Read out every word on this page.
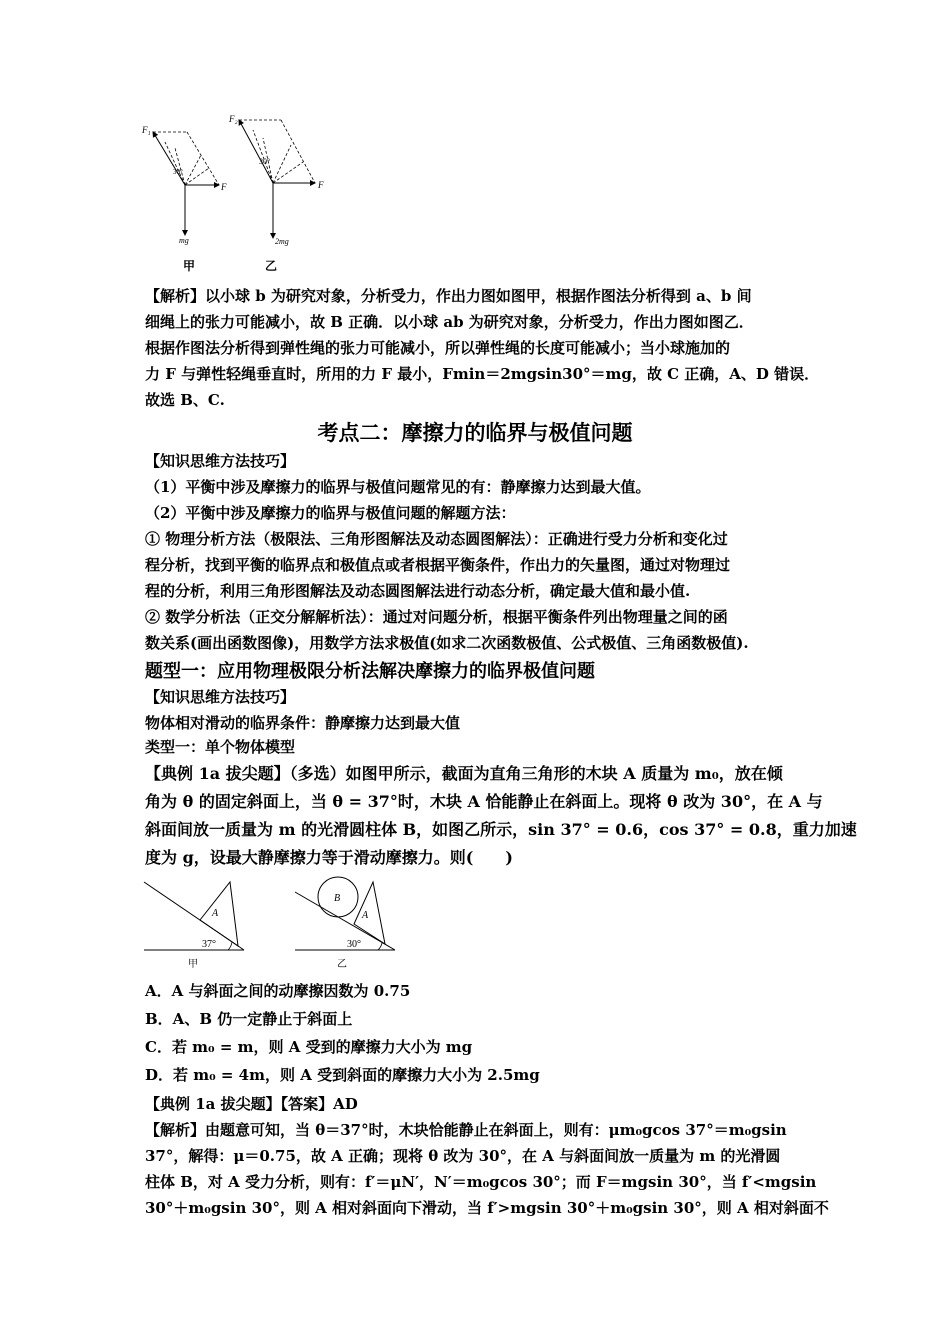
F₁
30°
F
mg
F₂
30°
F
2mg
甲	乙
【解析】以小球 b 为研究对象，分析受力，作出力图如图甲，根据作图法分析得到 a、b 间
细绳上的张力可能减小，故 B 正确．以小球 ab 为研究对象，分析受力，作出力图如图乙．
根据作图法分析得到弹性绳的张力可能减小，所以弹性绳的长度可能减小；当小球施加的
力 F 与弹性轻绳垂直时，所用的力 F 最小，Fmin＝2mgsin30°＝mg，故 C 正确，A、D 错误．
故选 B、C.
考点二：摩擦力的临界与极值问题
【知识思维方法技巧】
（1）平衡中涉及摩擦力的临界与极值问题常见的有：静摩擦力达到最大值。
（2）平衡中涉及摩擦力的临界与极值问题的解题方法：
① 物理分析方法（极限法、三角形图解法及动态圆图解法）：正确进行受力分析和变化过
程分析，找到平衡的临界点和极值点或者根据平衡条件，作出力的矢量图，通过对物理过
程的分析，利用三角形图解法及动态圆图解法进行动态分析，确定最大值和最小值.
② 数学分析法（正交分解解析法）：通过对问题分析，根据平衡条件列出物理量之间的函
数关系(画出函数图像)，用数学方法求极值(如求二次函数极值、公式极值、三角函数极值).
题型一：应用物理极限分析法解决摩擦力的临界极值问题
【知识思维方法技巧】
物体相对滑动的临界条件：静摩擦力达到最大值
类型一：单个物体模型
【典例 1a 拔尖题】（多选）如图甲所示，截面为直角三角形的木块 A 质量为 m₀，放在倾
角为 θ 的固定斜面上，当 θ = 37°时，木块 A 恰能静止在斜面上。现将 θ 改为 30°，在 A 与
斜面间放一质量为 m 的光滑圆柱体 B，如图乙所示，sin 37° = 0.6，cos 37° = 0.8，重力加速
度为 g，设最大静摩擦力等于滑动摩擦力。则(　　)
A
37°
甲
B
A
30°
乙
A．A 与斜面之间的动摩擦因数为 0.75
B．A、B 仍一定静止于斜面上
C．若 m₀ = m，则 A 受到的摩擦力大小为 mg
D．若 m₀ = 4m，则 A 受到斜面的摩擦力大小为 2.5mg
【典例 1a 拔尖题】【答案】AD
【解析】由题意可知，当 θ＝37°时，木块恰能静止在斜面上，则有：μm₀gcos 37°＝m₀gsin
37°，解得：μ＝0.75，故 A 正确；现将 θ 改为 30°，在 A 与斜面间放一质量为 m 的光滑圆
柱体 B，对 A 受力分析，则有：f′＝μN′，N′＝m₀gcos 30°；而 F＝mgsin 30°，当 f′<mgsin
30°＋m₀gsin 30°，则 A 相对斜面向下滑动，当 f′>mgsin 30°＋m₀gsin 30°，则 A 相对斜面不
